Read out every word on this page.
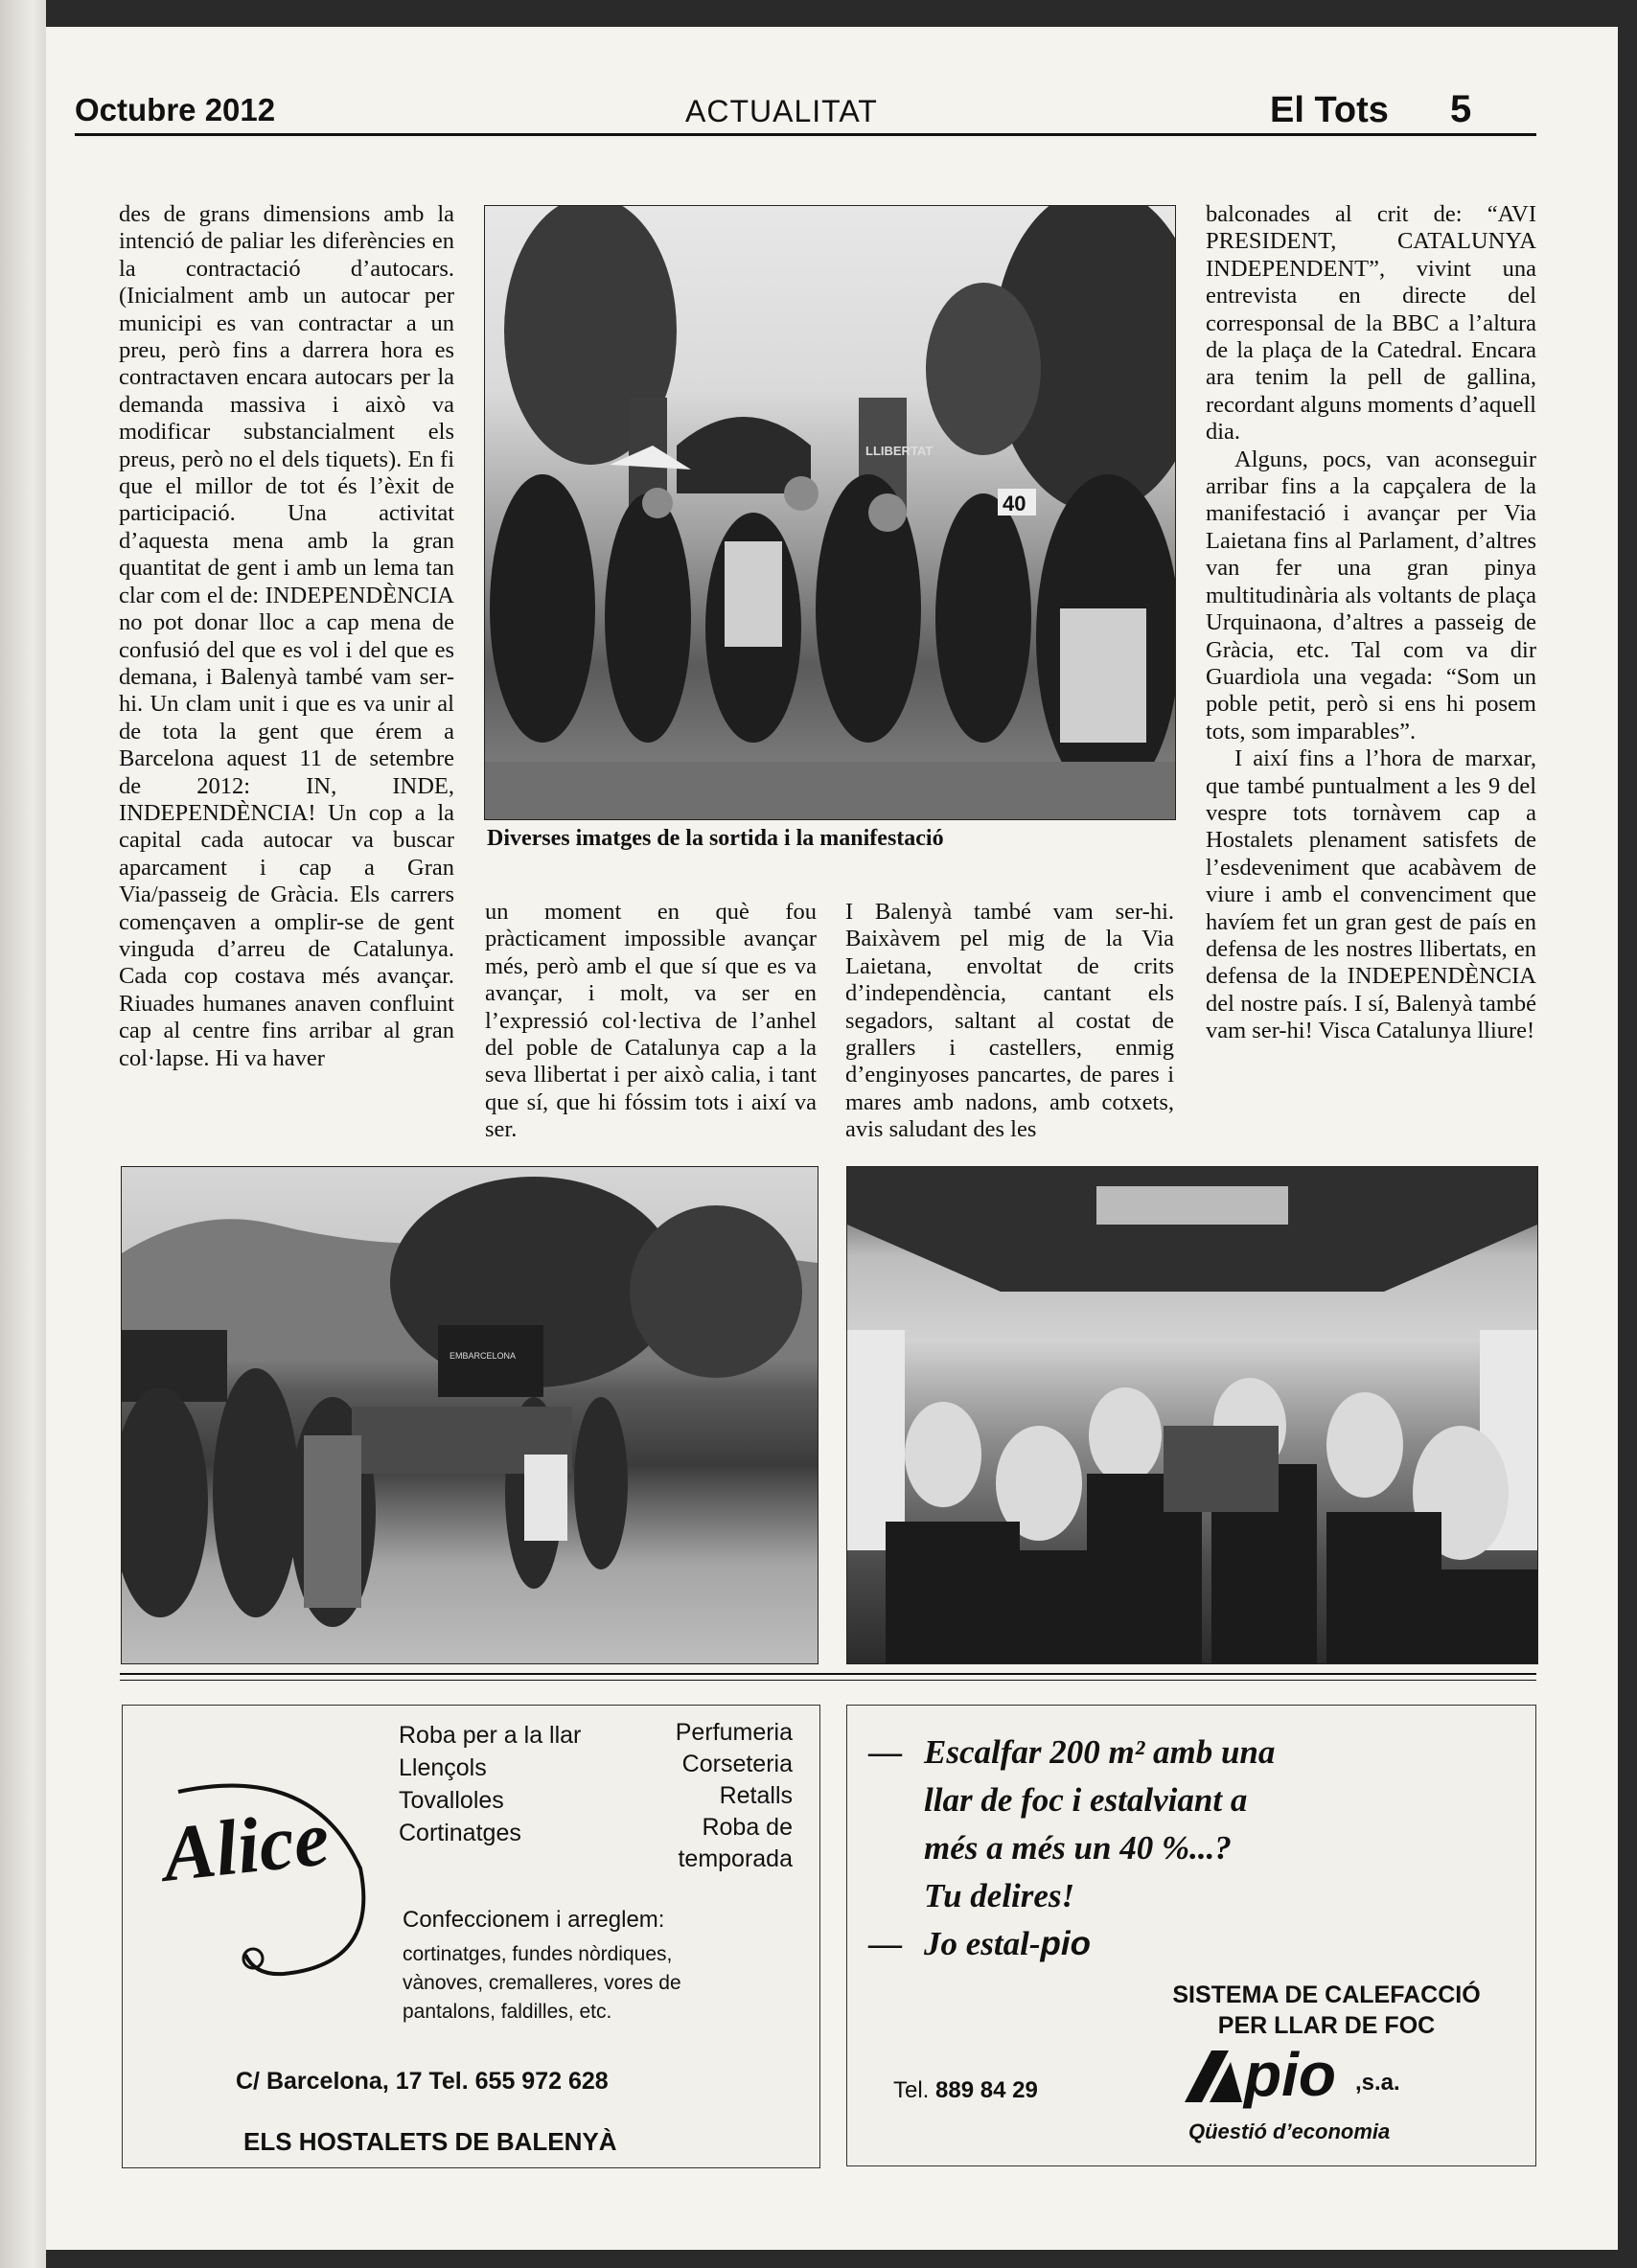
Octubre 2012	ACTUALITAT	El Tots 5

des de grans dimensions amb la intenció de paliar les diferències en la contractació d’autocars. (Inicialment amb un autocar per municipi es van contractar a un preu, però fins a darrera hora es contractaven encara autocars per la demanda massiva i això va modificar substancialment els preus, però no el dels tiquets). En fi que el millor de tot és l’èxit de participació. Una activitat d’aquesta mena amb la gran quantitat de gent i amb un lema tan clar com el de: INDEPENDÈNCIA no pot donar lloc a cap mena de confusió del que es vol i del que es demana, i Balenyà també vam ser-hi. Un clam unit i que es va unir al de tota la gent que érem a Barcelona aquest 11 de setembre de 2012: IN, INDE, INDEPENDÈNCIA! Un cop a la capital cada autocar va buscar aparcament i cap a Gran Via/passeig de Gràcia. Els carrers començaven a omplir-se de gent vinguda d’arreu de Catalunya. Cada cop costava més avançar. Riuades humanes anaven confluint cap al centre fins arribar al gran col·lapse. Hi va haver

LLIBERTAT
40
Diverses imatges de la sortida i la manifestació

un moment en què fou pràcticament impossible avançar més, però amb el que sí que es va avançar, i molt, va ser en l’expressió col·lectiva de l’anhel del poble de Catalunya cap a la seva llibertat i per això calia, i tant que sí, que hi fóssim tots i així va ser.

I Balenyà també vam ser-hi. Baixàvem pel mig de la Via Laietana, envoltat de crits d’independència, cantant els segadors, saltant al costat de grallers i castellers, enmig d’enginyoses pancartes, de pares i mares amb nadons, amb cotxets, avis saludant des les

balconades al crit de: “AVI PRESIDENT, CATALUNYA INDEPENDENT”, vivint una entrevista en directe del corresponsal de la BBC a l’altura de la plaça de la Catedral. Encara ara tenim la pell de gallina, recordant alguns moments d’aquell dia.

Alguns, pocs, van aconseguir arribar fins a la capçalera de la manifestació i avançar per Via Laietana fins al Parlament, d’altres van fer una gran pinya multitudinària als voltants de plaça Urquinaona, d’altres a passeig de Gràcia, etc. Tal com va dir Guardiola una vegada: “Som un poble petit, però si ens hi posem tots, som imparables”.

I així fins a l’hora de marxar, que també puntualment a les 9 del vespre tots tornàvem cap a Hostalets plenament satisfets de l’esdeveniment que acabàvem de viure i amb el convenciment que havíem fet un gran gest de país en defensa de les nostres llibertats, en defensa de la INDEPENDÈNCIA del nostre país. I sí, Balenyà també vam ser-hi! Visca Catalunya lliure!

EMBARCELONA
Alice
Roba per a la llar
Llençols
Tovalloles
Cortinatges
Perfumeria
Corseteria
Retalls
Roba de
temporada
Confeccionem i arreglem:
cortinatges, fundes nòrdiques,
vànoves, cremalleres, vores de
pantalons, faldilles, etc.
C/ Barcelona, 17 Tel. 655 972 628
ELS HOSTALETS DE BALENYÀ
— Escalfar 200 m² amb una
llar de foc i estalviant a
més a més un 40 %...?
Tu delires!
— Jo estal-pio
SISTEMA DE CALEFACCIÓ
PER LLAR DE FOC
Tel. 889 84 29	pio ,s.a.
Qüestió d’economia
